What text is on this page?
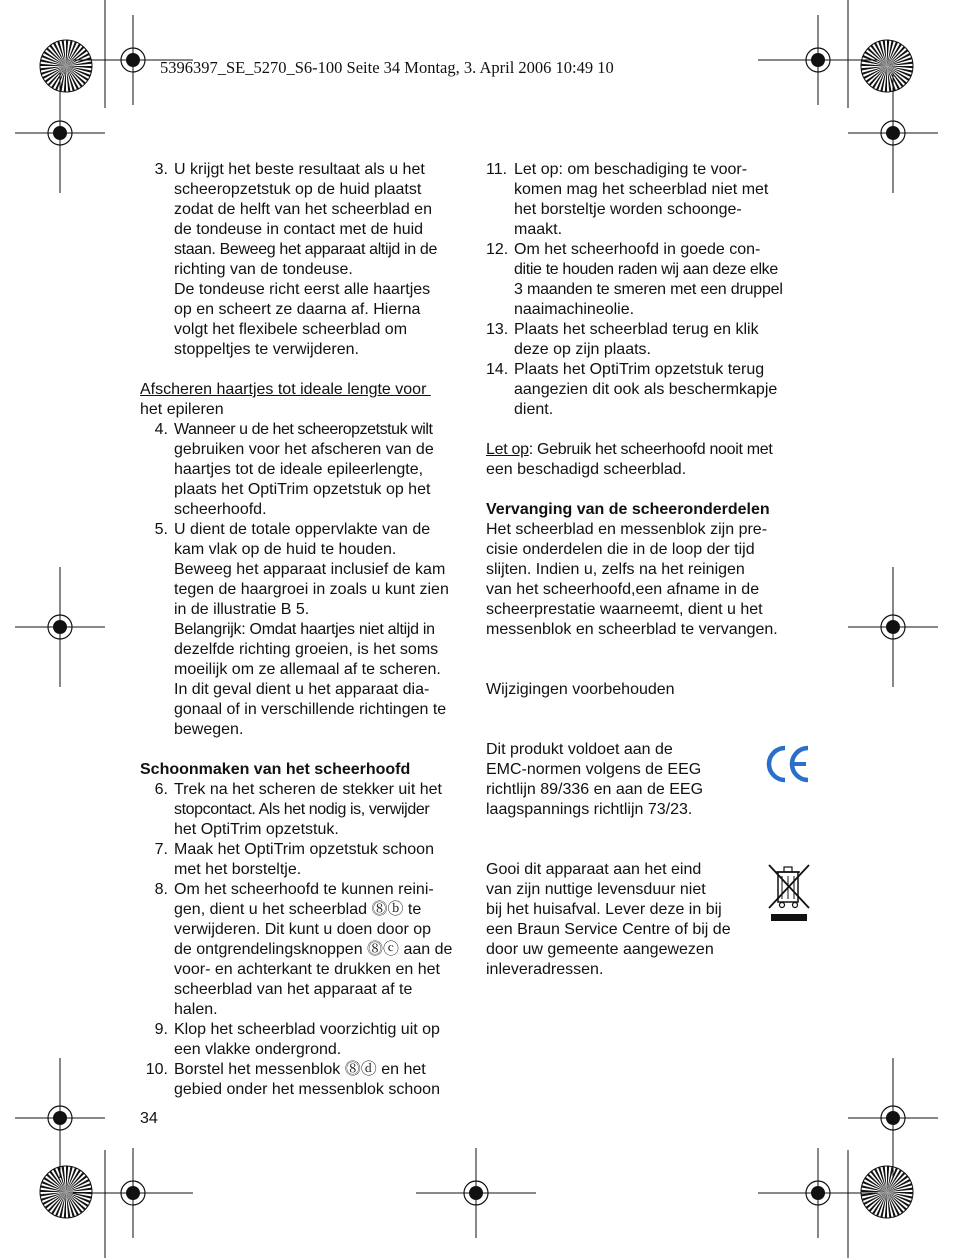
5396397_SE_5270_S6-100 Seite 34 Montag, 3. April 2006 10:49 10
3. U krijgt het beste resultaat als u het
scheeropzetstuk op de huid plaatst
zodat de helft van het scheerblad en
de tondeuse in contact met de huid
staan. Beweeg het apparaat altijd in de
richting van de tondeuse.
De tondeuse richt eerst alle haartjes
op en scheert ze daarna af. Hierna
volgt het flexibele scheerblad om
stoppeltjes te verwijderen.
Afscheren haartjes tot ideale lengte voor
het epileren
4. Wanneer u de het scheeropzetstuk wilt
gebruiken voor het afscheren van de
haartjes tot de ideale epileerlengte,
plaats het OptiTrim opzetstuk op het
scheerhoofd.
5. U dient de totale oppervlakte van de
kam vlak op de huid te houden.
Beweeg het apparaat inclusief de kam
tegen de haargroei in zoals u kunt zien
in de illustratie B 5.
Belangrijk: Omdat haartjes niet altijd in
dezelfde richting groeien, is het soms
moeilijk om ze allemaal af te scheren.
In dit geval dient u het apparaat dia-
gonaal of in verschillende richtingen te
bewegen.
Schoonmaken van het scheerhoofd
6. Trek na het scheren de stekker uit het
stopcontact. Als het nodig is, verwijder
het OptiTrim opzetstuk.
7. Maak het OptiTrim opzetstuk schoon
met het borsteltje.
8. Om het scheerhoofd te kunnen reini-
gen, dient u het scheerblad ⓼ⓑ te
verwijderen. Dit kunt u doen door op
de ontgrendelingsknoppen ⓼ⓒ aan de
voor- en achterkant te drukken en het
scheerblad van het apparaat af te
halen.
9. Klop het scheerblad voorzichtig uit op
een vlakke ondergrond.
10. Borstel het messenblok ⓼ⓓ en het
gebied onder het messenblok schoon
34
11. Let op: om beschadiging te voor-
komen mag het scheerblad niet met
het borsteltje worden schoonge-
maakt.
12. Om het scheerhoofd in goede con-
ditie te houden raden wij aan deze elke
3 maanden te smeren met een druppel
naaimachineolie.
13. Plaats het scheerblad terug en klik
deze op zijn plaats.
14. Plaats het OptiTrim opzetstuk terug
aangezien dit ook als beschermkapje
dient.
Let op: Gebruik het scheerhoofd nooit met
een beschadigd scheerblad.
Vervanging van de scheeronderdelen
Het scheerblad en messenblok zijn pre-
cisie onderdelen die in de loop der tijd
slijten. Indien u, zelfs na het reinigen
van het scheerhoofd,een afname in de
scheerprestatie waarneemt, dient u het
messenblok en scheerblad te vervangen.
Wijzigingen voorbehouden
Dit produkt voldoet aan de
EMC-normen volgens de EEG
richtlijn 89/336 en aan de EEG
laagspannings richtlijn 73/23.
Gooi dit apparaat aan het eind
van zijn nuttige levensduur niet
bij het huisafval. Lever deze in bij
een Braun Service Centre of bij de
door uw gemeente aangewezen
inleveradressen.
